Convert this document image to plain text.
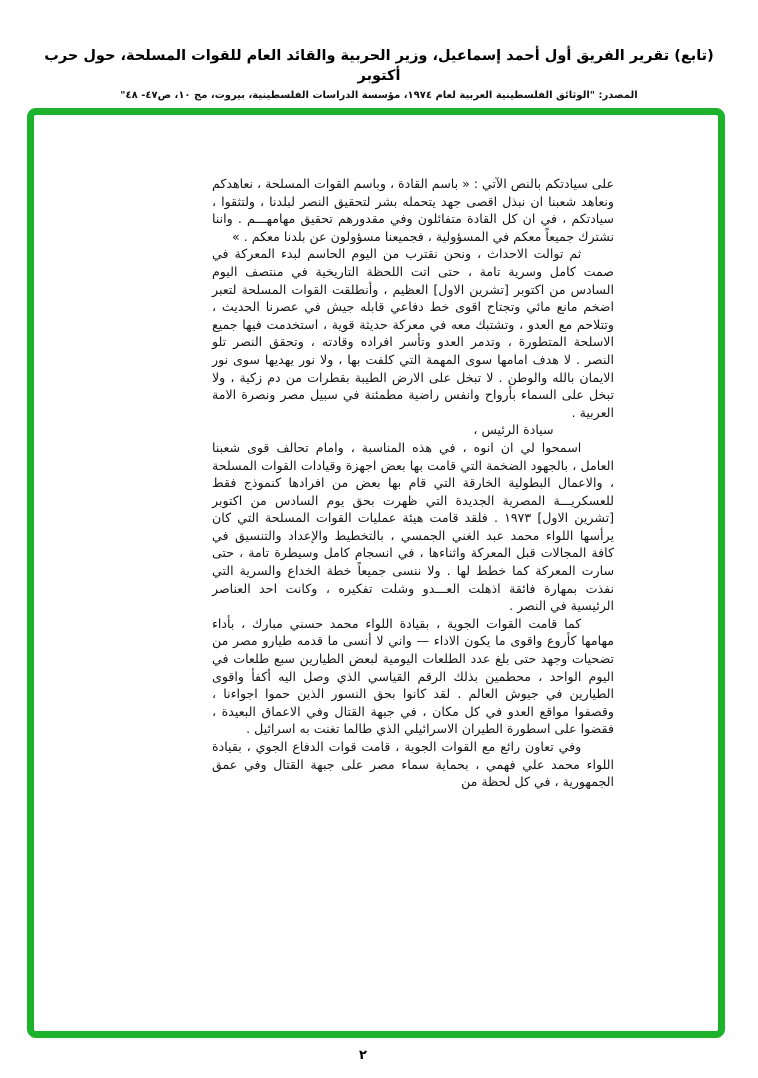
(تابع) تقرير الفريق أول أحمد إسماعيل، وزير الحربية والقائد العام للقوات المسلحة، حول حرب أكتوبر
المصدر: "الوثائق الفلسطينية العربية لعام ١٩٧٤، مؤسسة الدراسات الفلسطينية، بيروت، مج ١٠، ص٤٧- ٤٨"

على سيادتكم بالنص الآتي : « باسم القادة ، وباسم القوات المسلحة ، نعاهدكم ونعاهد شعبنا ان نبذل اقصى جهد يتحمله بشر لتحقيق النصر لبلدنا ، ولتثقوا ، سيادتكم ، في ان كل القادة متفائلون وفي مقدورهم تحقيق مهامهـــم . واننا نشترك جميعاً معكم في المسؤولية ، فجميعنا مسؤولون عن بلدنا معكم . »

ثم توالت الاحداث ، ونحن نقترب من اليوم الحاسم لبدء المعركة في صمت كامل وسرية تامة ، حتى اتت اللحظة التاريخية في منتصف اليوم السادس من اكتوبر [تشرين الاول] العظيم ، وأنطلقت القوات المسلحة لتعبر اضخم مانع مائي وتجتاح اقوى خط دفاعي قابله جيش في عصرنا الحديث ، وتتلاحم مع العدو ، وتشتبك معه في معركة حديثة قوية ، استخدمت فيها جميع الاسلحة المتطورة ، وتدمر العدو وتأسر افراده وقادته ، وتحقق النصر تلو النصر . لا هدف امامها سوى المهمة التي كلفت بها ، ولا نور يهديها سوى نور الايمان بالله والوطن . لا تبخل على الارض الطيبة بقطرات من دم زكية ، ولا تبخل على السماء بأرواح وانفس راضية مطمئنة في سبيل مصر ونصرة الامة العربية .

سيادة الرئيس ،

اسمحوا لي ان انوه ، في هذه المناسبة ، وامام تحالف قوى شعبنا العامل ، بالجهود الضخمة التي قامت بها بعض اجهزة وقيادات القوات المسلحة ، والاعمال البطولية الخارقة التي قام بها بعض من افرادها كنموذج فقط للعسكريـــة المصرية الجديدة التي ظهرت بحق يوم السادس من اكتوبر [تشرين الاول] ١٩٧٣ . فلقد قامت هيئة عمليات القوات المسلحة التي كان يرأسها اللواء محمد عبد الغني الجمسي ، بالتخطيط والإعداد والتنسيق في كافة المجالات قبل المعركة واثناءها ، في انسجام كامل وسيطرة تامة ، حتى سارت المعركة كما خطط لها . ولا ننسى جميعاً خطة الخداع والسرية التي نفذت بمهارة فائقة اذهلت العـــدو وشلت تفكيره ، وكانت احد العناصر الرئيسية في النصر .

كما قامت القوات الجوية ، بقيادة اللواء محمد حسني مبارك ، بأداء مهامها كأروع واقوى ما يكون الاداء — واني لا أنسى ما قدمه طيارو مصر من تضحيات وجهد حتى بلغ عدد الطلعات اليومية لبعض الطيارين سبع طلعات في اليوم الواحد ، محطمين بذلك الرقم القياسي الذي وصل اليه أكفأ واقوى الطيارين في جيوش العالم . لقد كانوا بحق النسور الذين حموا اجواءنا ، وقصفوا مواقع العدو في كل مكان ، في جبهة القتال وفي الاعماق البعيدة ، فقضوا على اسطورة الطيران الاسرائيلي الذي طالما تغنت به اسرائيل .

وفي تعاون رائع مع القوات الجوية ، قامت قوات الدفاع الجوي ، بقيادة اللواء محمد علي فهمي ، بحماية سماء مصر على جبهة القتال وفي عمق الجمهورية ، في كل لحظة من

٢
